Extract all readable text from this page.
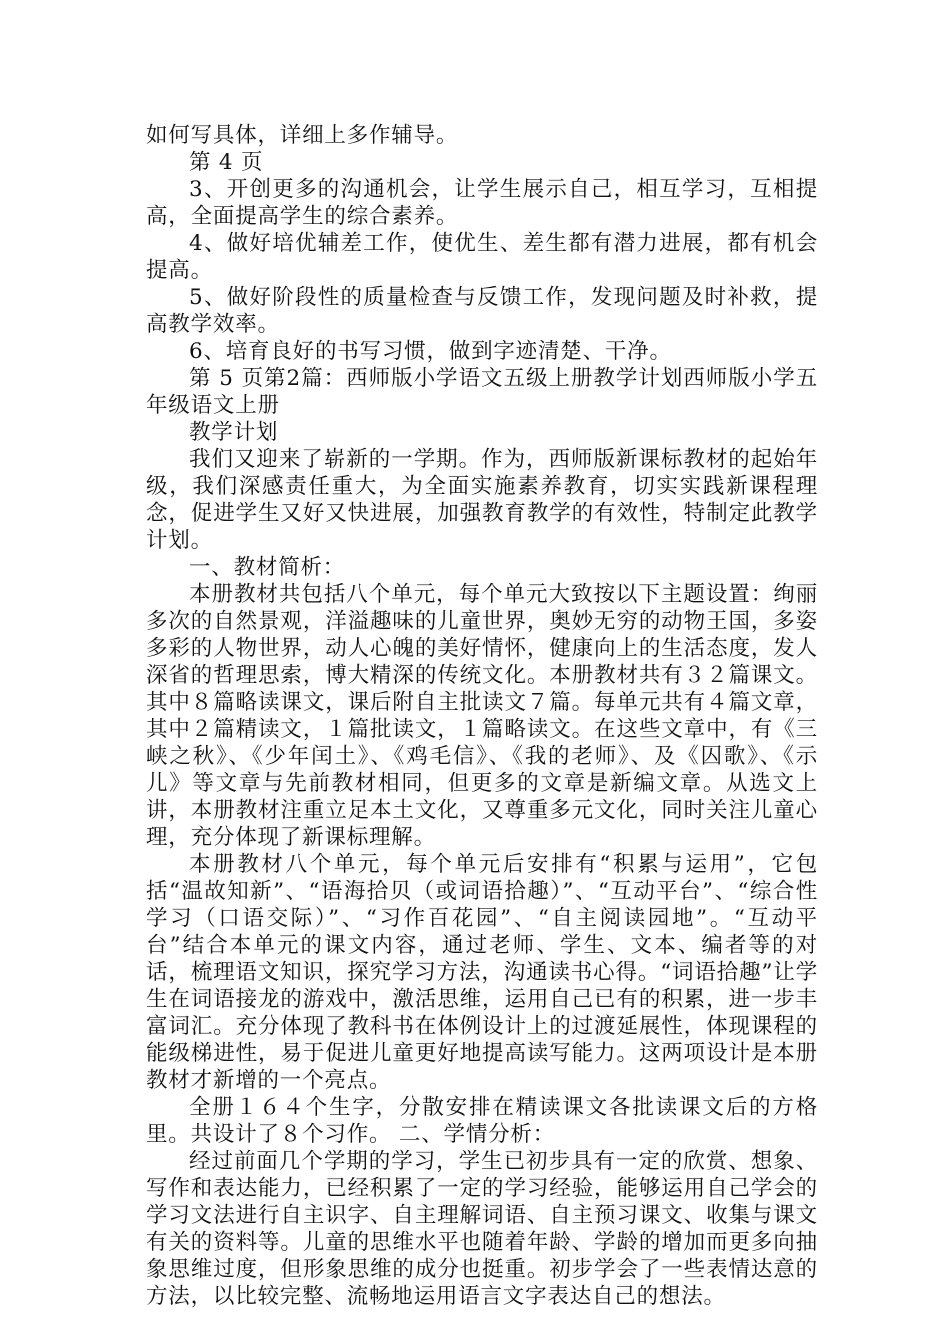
如何写具体，详细上多作辅导。

第 4 页

3、开创更多的沟通机会，让学生展示自己，相互学习，互相提高，全面提高学生的综合素养。

4、做好培优辅差工作，使优生、差生都有潜力进展，都有机会提高。

5、做好阶段性的质量检查与反馈工作，发现问题及时补救，提高教学效率。

6、培育良好的书写习惯，做到字迹清楚、干净。

第 5 页第2篇：西师版小学语文五级上册教学计划西师版小学五年级语文上册

教学计划

我们又迎来了崭新的一学期。作为，西师版新课标教材的起始年级，我们深感责任重大，为全面实施素养教育，切实实践新课程理念，促进学生又好又快进展，加强教育教学的有效性，特制定此教学计划。

一、教材简析：

本册教材共包括八个单元，每个单元大致按以下主题设置：绚丽多次的自然景观，洋溢趣味的儿童世界，奥妙无穷的动物王国，多姿多彩的人物世界，动人心魄的美好情怀，健康向上的生活态度，发人深省的哲理思索，博大精深的传统文化。本册教材共有３２篇课文。其中８篇略读课文，课后附自主批读文７篇。每单元共有４篇文章，其中２篇精读文，１篇批读文，１篇略读文。在这些文章中，有《三峡之秋》、《少年闰土》、《鸡毛信》、《我的老师》、及《囚歌》、《示儿》等文章与先前教材相同，但更多的文章是新编文章。从选文上讲，本册教材注重立足本土文化，又尊重多元文化，同时关注儿童心理，充分体现了新课标理解。

本册教材八个单元，每个单元后安排有“积累与运用”，它包括“温故知新”、“语海拾贝（或词语拾趣）”、“互动平台”、“综合性学习（口语交际）”、“习作百花园”、“自主阅读园地”。“互动平台”结合本单元的课文内容，通过老师、学生、文本、编者等的对话，梳理语文知识，探究学习方法，沟通读书心得。“词语拾趣”让学生在词语接龙的游戏中，激活思维，运用自己已有的积累，进一步丰富词汇。充分体现了教科书在体例设计上的过渡延展性，体现课程的能级梯进性，易于促进儿童更好地提高读写能力。这两项设计是本册教材才新增的一个亮点。

全册１６４个生字，分散安排在精读课文各批读课文后的方格里。共设计了８个习作。 二、学情分析：

经过前面几个学期的学习，学生已初步具有一定的欣赏、想象、写作和表达能力，已经积累了一定的学习经验，能够运用自己学会的学习文法进行自主识字、自主理解词语、自主预习课文、收集与课文有关的资料等。儿童的思维水平也随着年龄、学龄的增加而更多向抽象思维过度，但形象思维的成分也挺重。初步学会了一些表情达意的方法，以比较完整、流畅地运用语言文字表达自己的想法。
